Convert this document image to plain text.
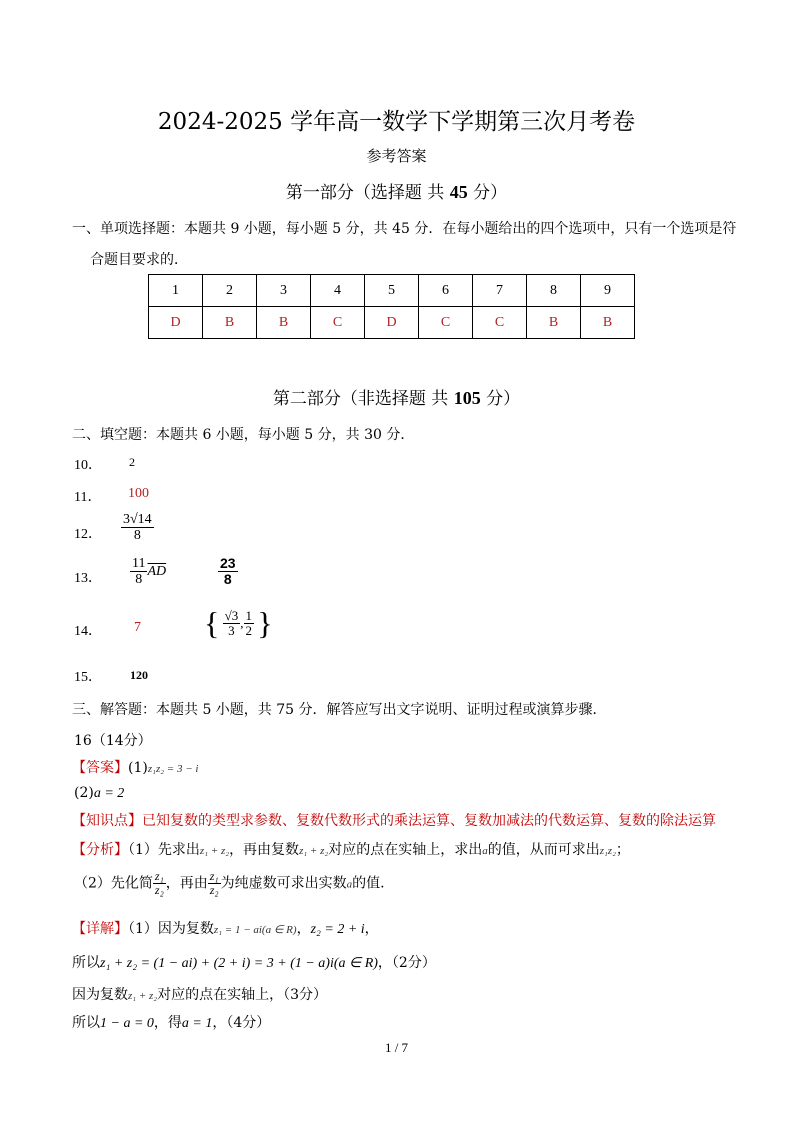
2024-2025 学年高一数学下学期第三次月考卷
参考答案
第一部分（选择题 共 45 分）
一、单项选择题：本题共 9 小题，每小题 5 分，共 45 分．在每小题给出的四个选项中，只有一个选项是符
合题目要求的．
1	2	3	4	5	6	7	8	9
D	B	B	C	D	C	C	B	B
第二部分（非选择题 共 105 分）
二、填空题：本题共 6 小题，每小题 5 分，共 30 分．
10． 2
11． 100
12． $\frac{3√14}{8}$
13． $\frac{11}{8} \overline{AD}$	$\frac{23}{8}$
14． 7 { $\frac{√3}{3}$ , $\frac{1}{2}$ }
15． 120
三、解答题：本题共 5 小题，共 75 分．解答应写出文字说明、证明过程或演算步骤．
16（14分）
【答案】(1)z₁z₂ = 3 − i
(2)a = 2
【知识点】已知复数的类型求参数、复数代数形式的乘法运算、复数加减法的代数运算、复数的除法运算
【分析】（1）先求出z₁ + z₂，再由复数z₁ + z₂对应的点在实轴上，求出a的值，从而可求出z₁z₂；
（2）先化简 $\frac{\text{z₁}}{\text{z₂}}$ ，再由 $\frac{\text{z₁}}{\text{z₂}}$ 为纯虚数可求出实数a的值.
【详解】（1）因为复数z₁ = 1 − ai(a ∈ R)，z₂ = 2 + i，
所以z₁ + z₂ = (1 − ai) + (2 + i) = 3 + (1 − a)i(a ∈ R)，（2分）
因为复数z₁ + z₂对应的点在实轴上，（3分）
所以1 − a = 0，得a = 1，（4分）
1 / 7
